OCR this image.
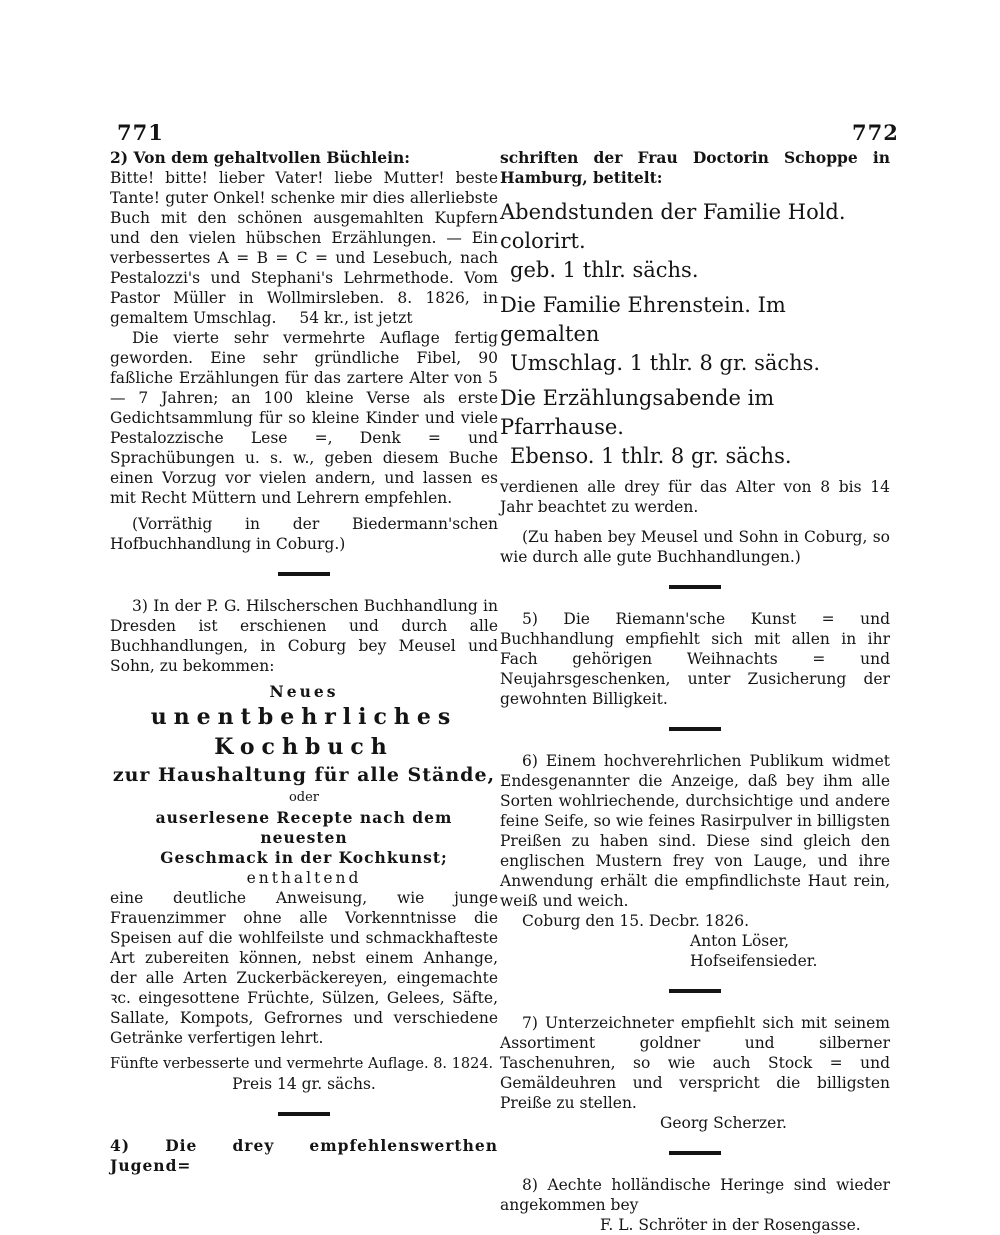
771	772

2) Von dem gehaltvollen Büchlein:

Bitte! bitte! lieber Vater! liebe Mutter! beste Tante! guter Onkel! schenke mir dies allerliebste Buch mit den schönen ausgemahlten Kupfern und den vielen hübschen Erzählungen. — Ein verbessertes A = B = C = und Lesebuch, nach Pestalozzi's und Stephani's Lehrmethode. Vom Pastor Müller in Wollmirsleben. 8. 1826, in gemaltem Umschlag. 54 kr., ist jetzt

Die vierte sehr vermehrte Auflage fertig geworden. Eine sehr gründliche Fibel, 90 faßliche Erzählungen für das zartere Alter von 5 — 7 Jahren; an 100 kleine Verse als erste Gedichtsammlung für so kleine Kinder und viele Pestalozzische Lese =, Denk = und Sprachübungen u. s. w., geben diesem Buche einen Vorzug vor vielen andern, und lassen es mit Recht Müttern und Lehrern empfehlen.

(Vorräthig in der Biedermann'schen Hofbuchhandlung in Coburg.)

3) In der P. G. Hilscherschen Buchhandlung in Dresden ist erschienen und durch alle Buchhandlungen, in Coburg bey Meusel und Sohn, zu bekommen:

Neues

unentbehrliches Kochbuch

zur Haushaltung für alle Stände,

oder

auserlesene Recepte nach dem neuesten

Geschmack in der Kochkunst;

enthaltend

eine deutliche Anweisung, wie junge Frauenzimmer ohne alle Vorkenntnisse die Speisen auf die wohlfeilste und schmackhafteste Art zubereiten können, nebst einem Anhange, der alle Arten Zuckerbäckereyen, eingemachte ꝛc. eingesottene Früchte, Sülzen, Gelees, Säfte, Sallate, Kompots, Gefrornes und verschiedene Getränke verfertigen lehrt.

Fünfte verbesserte und vermehrte Auflage. 8. 1824.

Preis 14 gr. sächs.

4) Die drey empfehlenswerthen Jugend=

schriften der Frau Doctorin Schoppe in Hamburg, betitelt:

Abendstunden der Familie Hold. colorirt.

geb. 1 thlr. sächs.

Die Familie Ehrenstein. Im gemalten

Umschlag. 1 thlr. 8 gr. sächs.

Die Erzählungsabende im Pfarrhause.

Ebenso. 1 thlr. 8 gr. sächs.

verdienen alle drey für das Alter von 8 bis 14 Jahr beachtet zu werden.

(Zu haben bey Meusel und Sohn in Coburg, so wie durch alle gute Buchhandlungen.)

5) Die Riemann'sche Kunst = und Buchhandlung empfiehlt sich mit allen in ihr Fach gehörigen Weihnachts = und Neujahrsgeschenken, unter Zusicherung der gewohnten Billigkeit.

6) Einem hochverehrlichen Publikum widmet Endesgenannter die Anzeige, daß bey ihm alle Sorten wohlriechende, durchsichtige und andere feine Seife, so wie feines Rasirpulver in billigsten Preißen zu haben sind. Diese sind gleich den englischen Mustern frey von Lauge, und ihre Anwendung erhält die empfindlichste Haut rein, weiß und weich.

Coburg den 15. Decbr. 1826.

Anton Löser,

Hofseifensieder.

7) Unterzeichneter empfiehlt sich mit seinem Assortiment goldner und silberner Taschenuhren, so wie auch Stock = und Gemäldeuhren und verspricht die billigsten Preiße zu stellen.

Georg Scherzer.

8) Aechte holländische Heringe sind wieder angekommen bey

F. L. Schröter in der Rosengasse.
